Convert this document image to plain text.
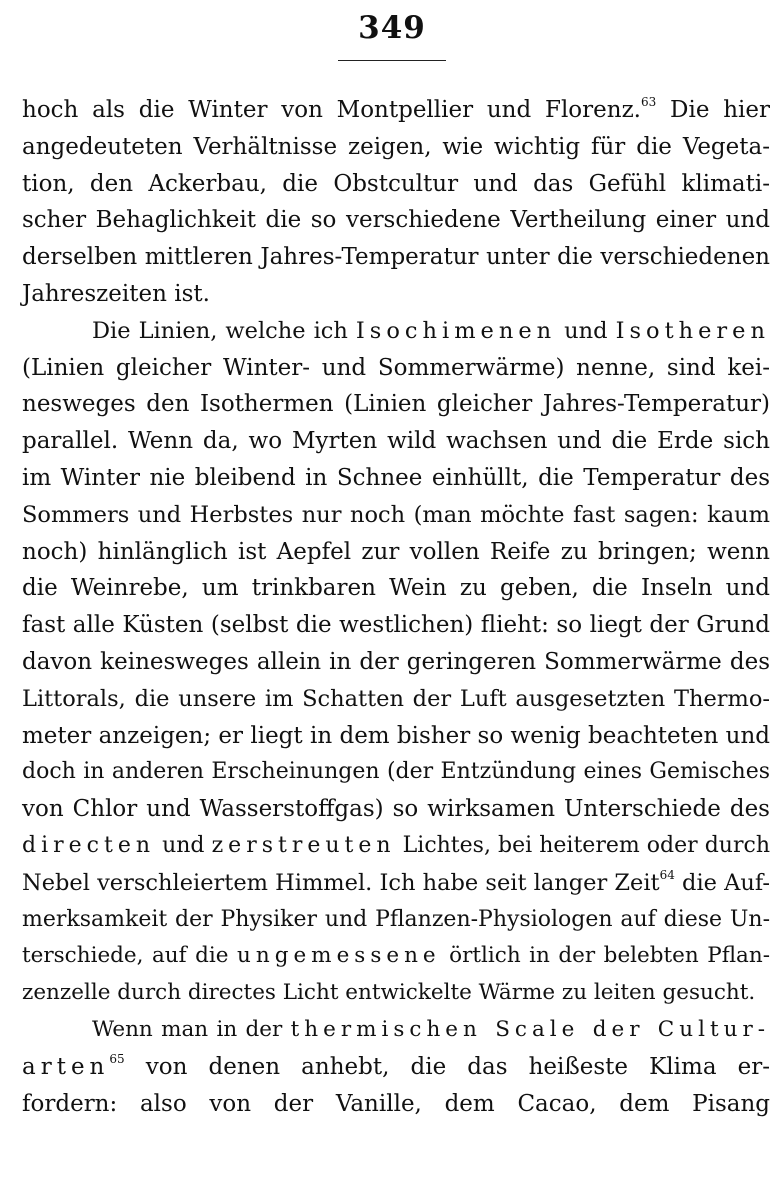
349
hoch als die Winter von Montpellier und Florenz.$^{63}$ Die hier
angedeuteten Verhältnisse zeigen, wie wichtig für die Vegeta-
tion, den Ackerbau, die Obstcultur und das Gefühl klimati-
scher Behaglichkeit die so verschiedene Vertheilung einer und
derselben mittleren Jahres-Temperatur unter die verschiedenen
Jahreszeiten ist.
Die Linien, welche ich Isochimenen und Isotheren
(Linien gleicher Winter- und Sommerwärme) nenne, sind kei-
nesweges den Isothermen (Linien gleicher Jahres-Temperatur)
parallel. Wenn da, wo Myrten wild wachsen und die Erde sich
im Winter nie bleibend in Schnee einhüllt, die Temperatur des
Sommers und Herbstes nur noch (man möchte fast sagen: kaum
noch) hinlänglich ist Aepfel zur vollen Reife zu bringen; wenn
die Weinrebe, um trinkbaren Wein zu geben, die Inseln und
fast alle Küsten (selbst die westlichen) flieht: so liegt der Grund
davon keinesweges allein in der geringeren Sommerwärme des
Littorals, die unsere im Schatten der Luft ausgesetzten Thermo-
meter anzeigen; er liegt in dem bisher so wenig beachteten und
doch in anderen Erscheinungen (der Entzündung eines Gemisches
von Chlor und Wasserstoffgas) so wirksamen Unterschiede des
directen und zerstreuten Lichtes, bei heiterem oder durch
Nebel verschleiertem Himmel. Ich habe seit langer Zeit$^{64}$ die Auf-
merksamkeit der Physiker und Pflanzen-Physiologen auf diese Un-
terschiede, auf die ungemessene örtlich in der belebten Pflan-
zenzelle durch directes Licht entwickelte Wärme zu leiten gesucht.
Wenn man in der thermischen Scale der Cultur-
arten$^{65}$ von denen anhebt, die das heißeste Klima er-
fordern: also von der Vanille, dem Cacao, dem Pisang
